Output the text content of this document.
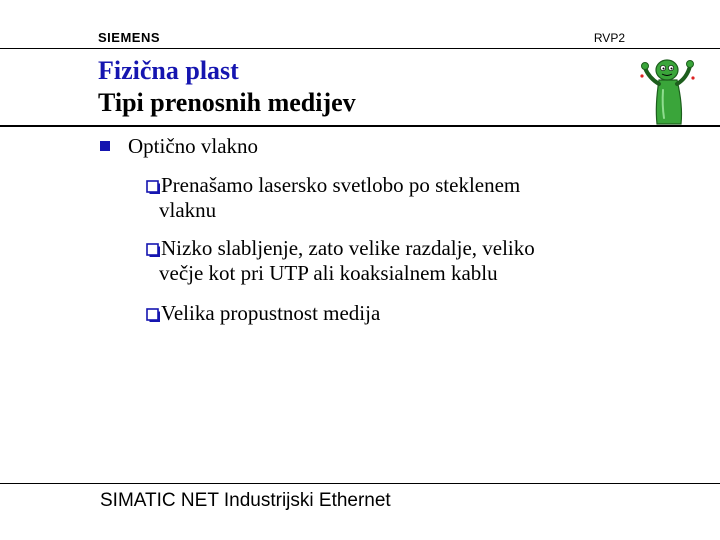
SIEMENS	RVP2
Fizična plast
Tipi prenosnih medijev
Optično vlakno
Prenašamo lasersko svetlobo po steklenem
vlaknu
Nizko slabljenje, zato velike razdalje, veliko
večje kot pri UTP ali koaksialnem kablu
Velika propustnost medija
SIMATIC NET Industrijski Ethernet
